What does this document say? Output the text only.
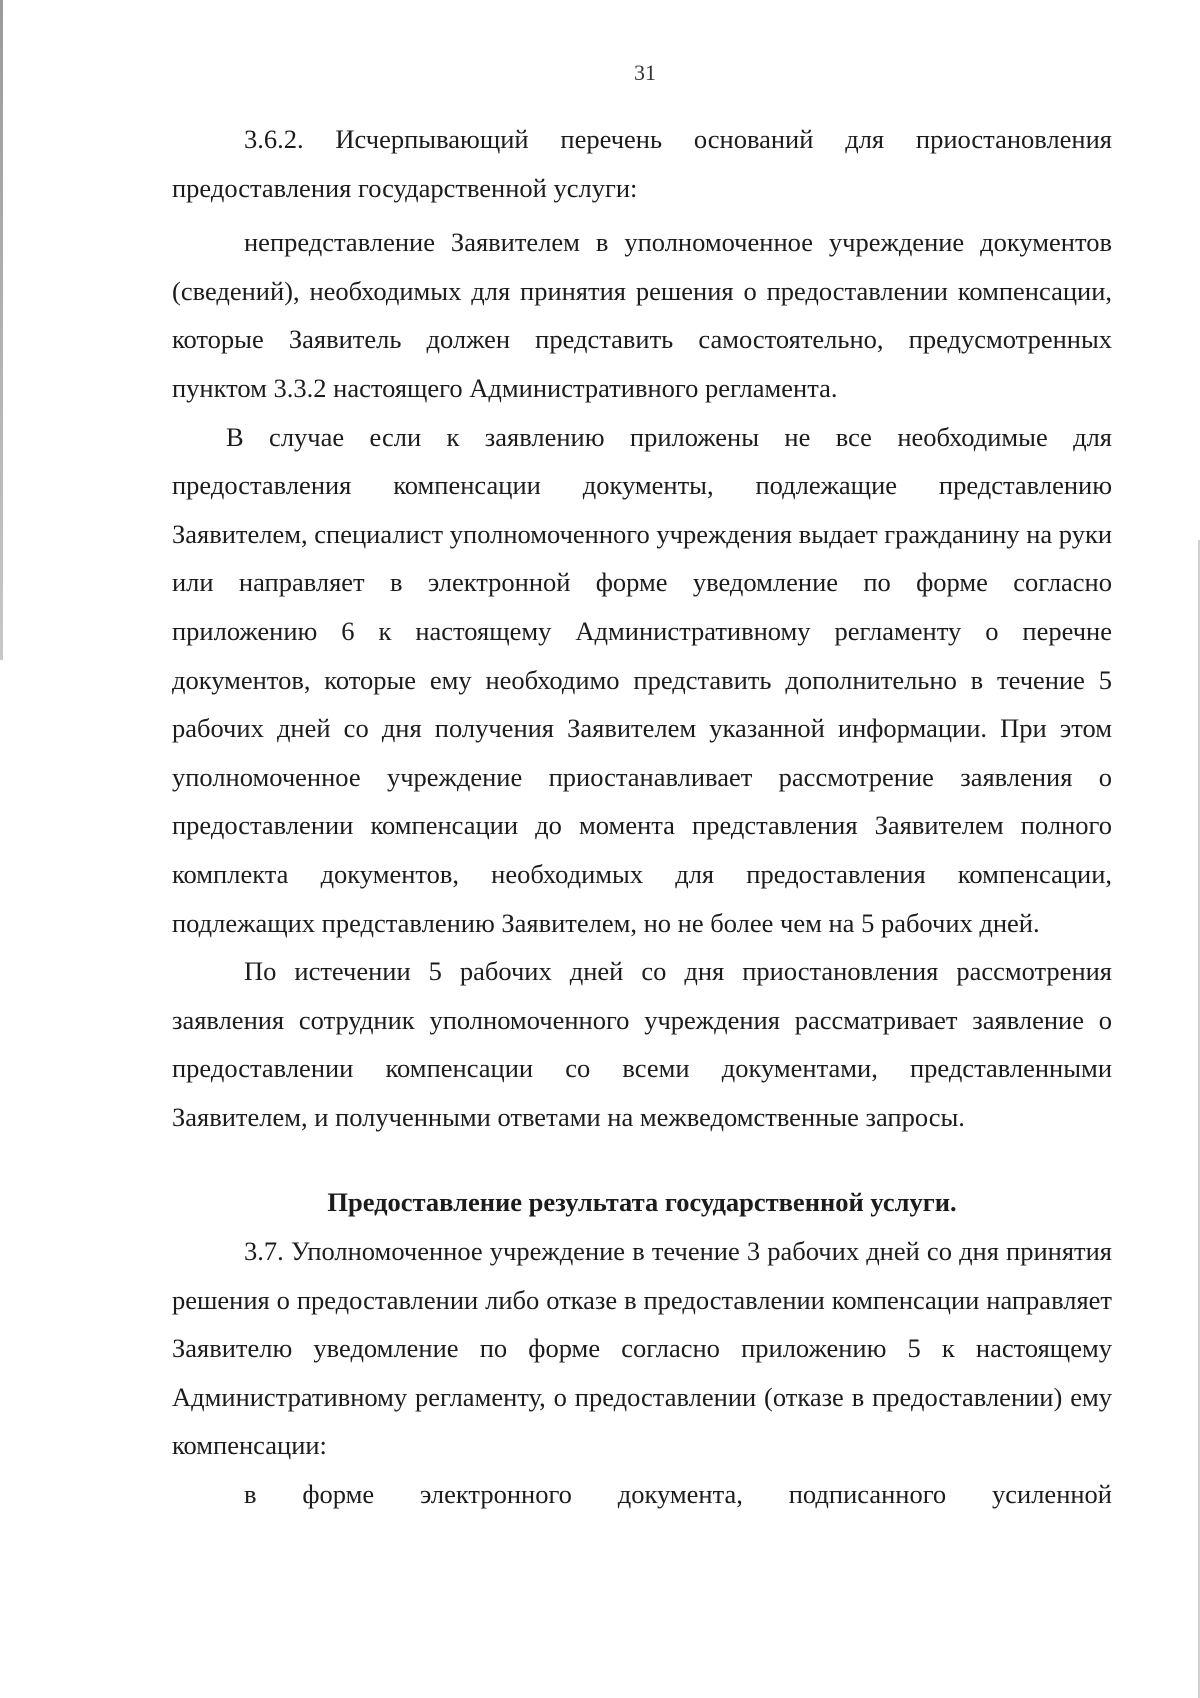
31

3.6.2. Исчерпывающий перечень оснований для приостановления предоставления государственной услуги:

непредставление Заявителем в уполномоченное учреждение документов (сведений), необходимых для принятия решения о предоставлении компенсации, которые Заявитель должен представить самостоятельно, предусмотренных пунктом 3.3.2 настоящего Административного регламента.

В случае если к заявлению приложены не все необходимые для предоставления компенсации документы, подлежащие представлению Заявителем, специалист уполномоченного учреждения выдает гражданину на руки или направляет в электронной форме уведомление по форме согласно приложению 6 к настоящему Административному регламенту о перечне документов, которые ему необходимо представить дополнительно в течение 5 рабочих дней со дня получения Заявителем указанной информации. При этом уполномоченное учреждение приостанавливает рассмотрение заявления о предоставлении компенсации до момента представления Заявителем полного комплекта документов, необходимых для предоставления компенсации, подлежащих представлению Заявителем, но не более чем на 5 рабочих дней.

По истечении 5 рабочих дней со дня приостановления рассмотрения заявления сотрудник уполномоченного учреждения рассматривает заявление о предоставлении компенсации со всеми документами, представленными Заявителем, и полученными ответами на межведомственные запросы.

Предоставление результата государственной услуги.

3.7. Уполномоченное учреждение в течение 3 рабочих дней со дня принятия решения о предоставлении либо отказе в предоставлении компенсации направляет Заявителю уведомление по форме согласно приложению 5 к настоящему Административному регламенту, о предоставлении (отказе в предоставлении) ему компенсации:

в форме электронного документа, подписанного усиленной
